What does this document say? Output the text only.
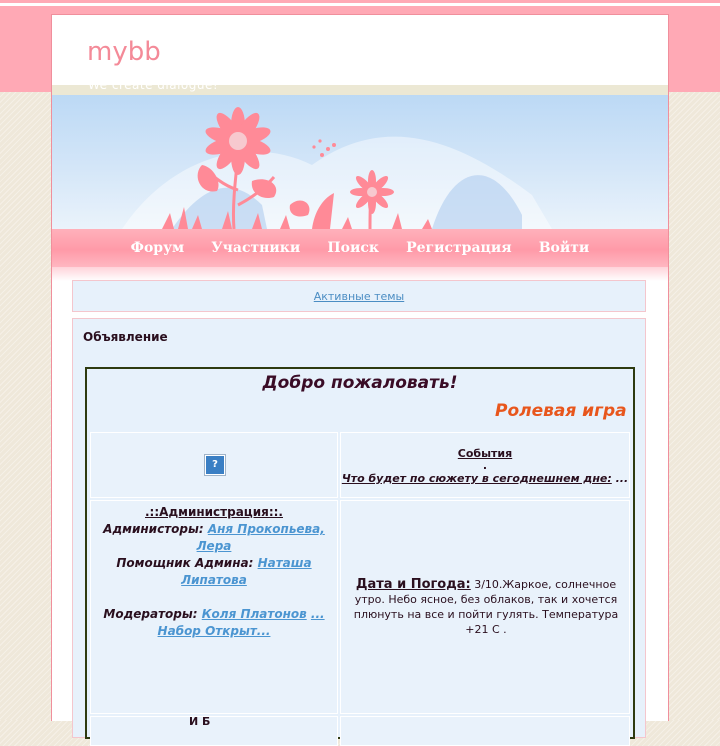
mybb
We create dialogue!
Форум Участники Поиск Регистрация Войти
Активные темы
Объявление
Добро пожаловать!
Ролевая игра
?
События
.
Что будет по сюжету в сегоднешнем дне: ...
.::Администрация::.
Администоры: Аня Прокопьева, Лера
Помощник Админа: Наташа Липатова
Модераторы: Коля Платонов ...
Набор Открыт...
Дата и Погода: 3/10.Жаркое, солнечное утро. Небо ясное, без облаков, так и хочется плюнуть на все и пойти гулять. Температура +21 С .
И Б
